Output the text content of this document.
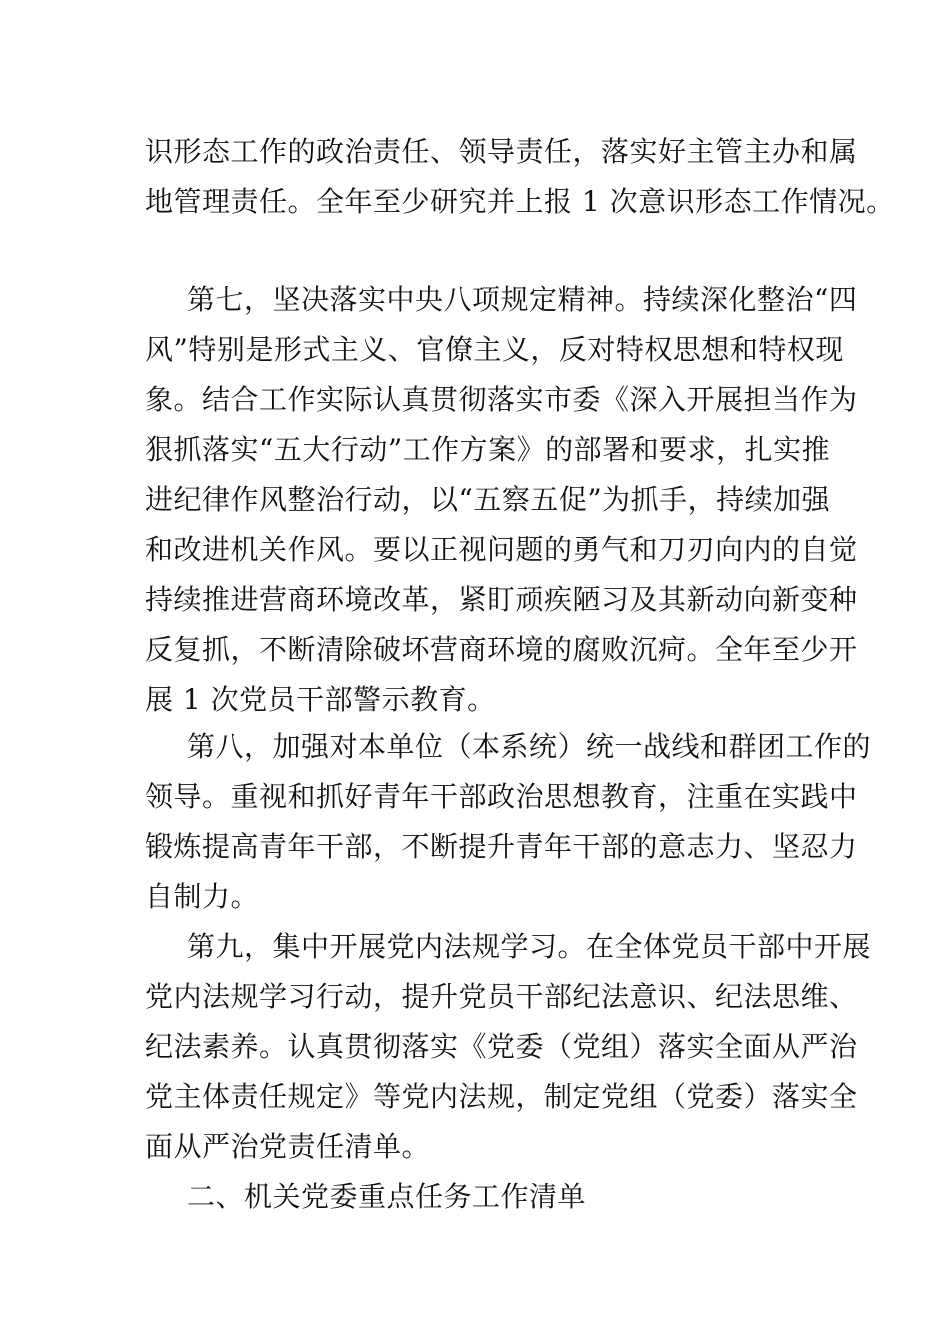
识形态工作的政治责任、领导责任，落实好主管主办和属
地管理责任。全年至少研究并上报 1 次意识形态工作情况。
第七，坚决落实中央八项规定精神。持续深化整治“四
风”特别是形式主义、官僚主义，反对特权思想和特权现
象。结合工作实际认真贯彻落实市委《深入开展担当作为
狠抓落实“五大行动”工作方案》的部署和要求，扎实推
进纪律作风整治行动，以“五察五促”为抓手，持续加强
和改进机关作风。要以正视问题的勇气和刀刃向内的自觉
持续推进营商环境改革，紧盯顽疾陋习及其新动向新变种
反复抓，不断清除破坏营商环境的腐败沉疴。全年至少开
展 1 次党员干部警示教育。
第八，加强对本单位（本系统）统一战线和群团工作的
领导。重视和抓好青年干部政治思想教育，注重在实践中
锻炼提高青年干部，不断提升青年干部的意志力、坚忍力
自制力。
第九，集中开展党内法规学习。在全体党员干部中开展
党内法规学习行动，提升党员干部纪法意识、纪法思维、
纪法素养。认真贯彻落实《党委（党组）落实全面从严治
党主体责任规定》等党内法规，制定党组（党委）落实全
面从严治党责任清单。
二、机关党委重点任务工作清单
